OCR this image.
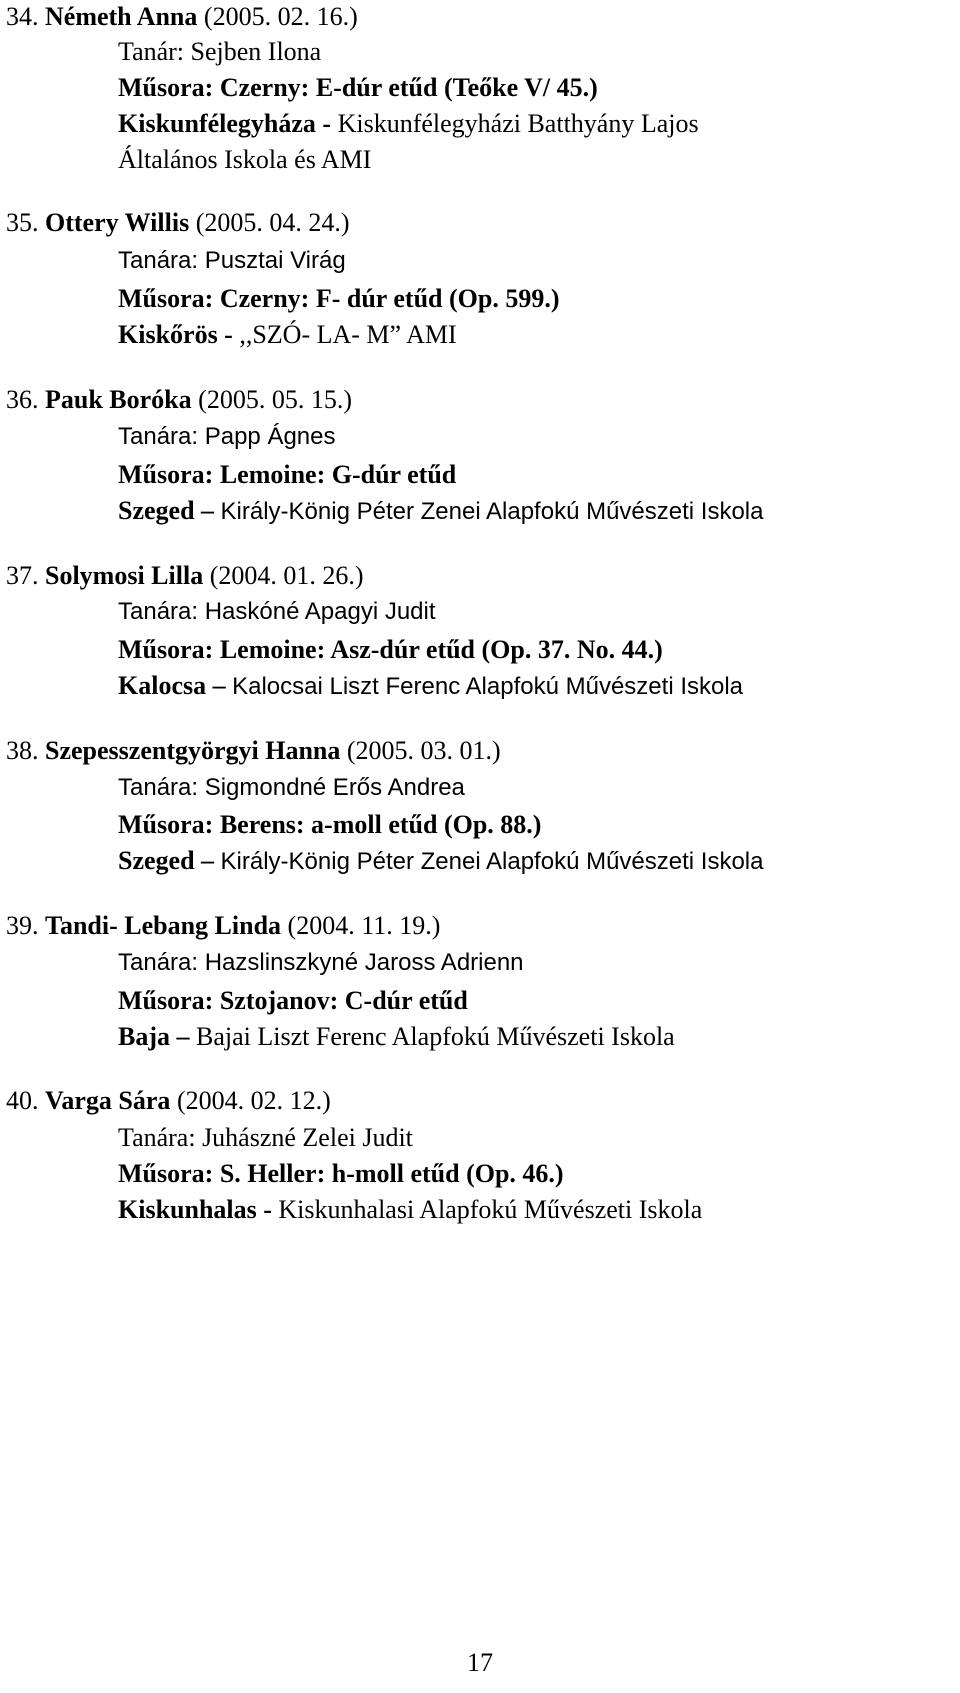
34. Németh Anna (2005. 02. 16.)
Tanár: Sejben Ilona
Műsora: Czerny: E-dúr etűd (Teőke V/ 45.)
Kiskunfélegyháza - Kiskunfélegyházi Batthyány Lajos
Általános Iskola és AMI
35. Ottery Willis (2005. 04. 24.)
Tanára: Pusztai Virág
Műsora: Czerny: F- dúr etűd (Op. 599.)
Kiskőrös - ,,SZÓ- LA- M” AMI
36. Pauk Boróka (2005. 05. 15.)
Tanára: Papp Ágnes
Műsora: Lemoine: G-dúr etűd
Szeged – Király-König Péter Zenei Alapfokú Művészeti Iskola
37. Solymosi Lilla (2004. 01. 26.)
Tanára: Haskóné Apagyi Judit
Műsora: Lemoine: Asz-dúr etűd (Op. 37. No. 44.)
Kalocsa – Kalocsai Liszt Ferenc Alapfokú Művészeti Iskola
38. Szepesszentgyörgyi Hanna (2005. 03. 01.)
Tanára: Sigmondné Erős Andrea
Műsora: Berens: a-moll etűd (Op. 88.)
Szeged – Király-König Péter Zenei Alapfokú Művészeti Iskola
39. Tandi- Lebang Linda (2004. 11. 19.)
Tanára: Hazslinszkyné Jaross Adrienn
Műsora: Sztojanov: C-dúr etűd
Baja – Bajai Liszt Ferenc Alapfokú Művészeti Iskola
40. Varga Sára (2004. 02. 12.)
Tanára: Juhászné Zelei Judit
Műsora: S. Heller: h-moll etűd (Op. 46.)
Kiskunhalas - Kiskunhalasi Alapfokú Művészeti Iskola
17
